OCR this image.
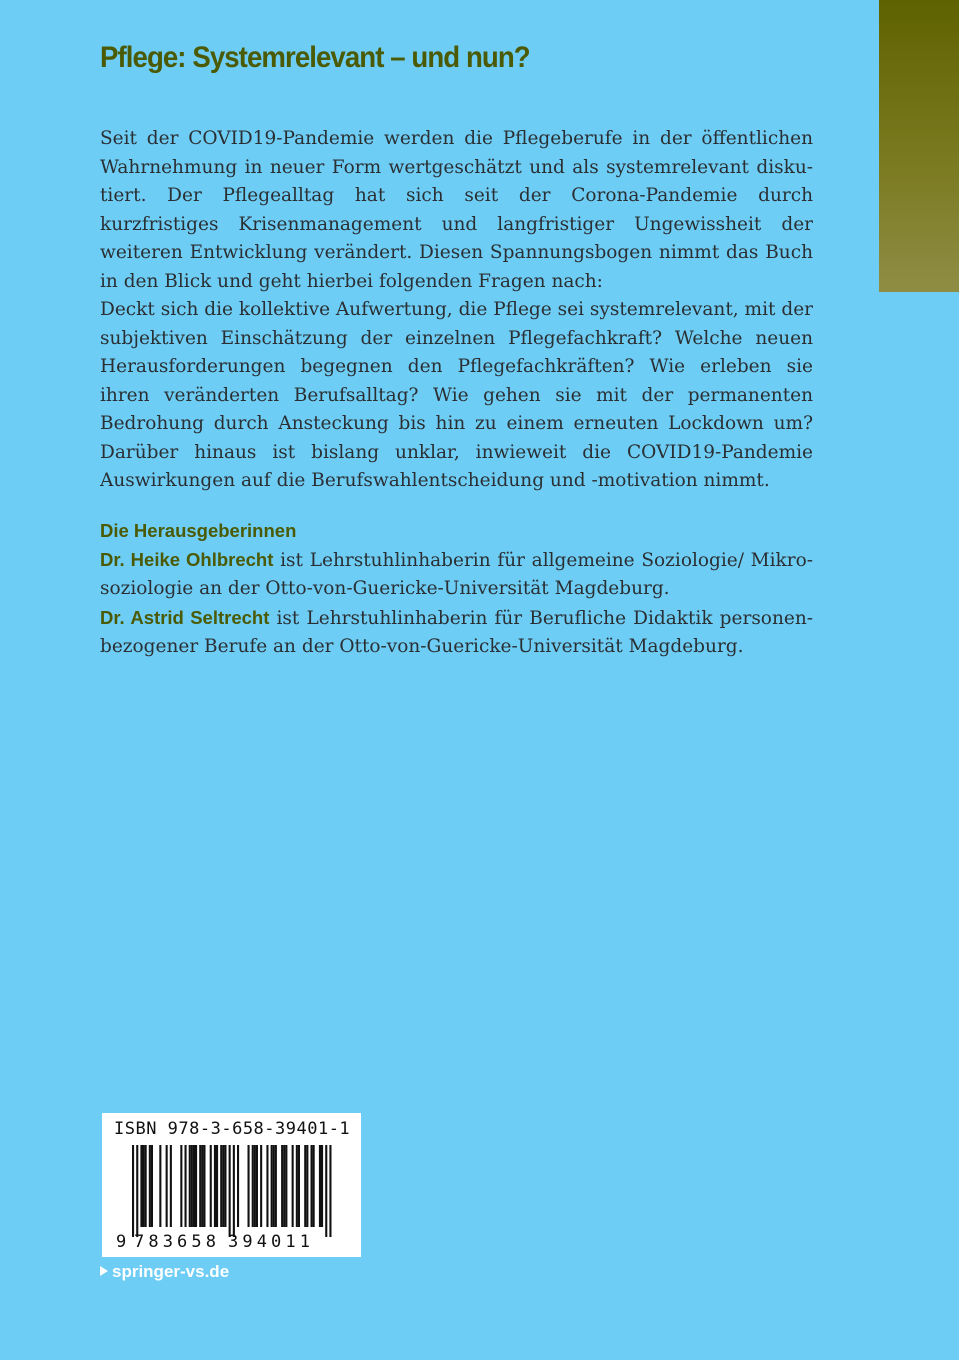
Pflege: Systemrelevant – und nun?

Seit der COVID19-Pandemie werden die Pflegeberufe in der öffentlichen Wahrnehmung in neuer Form wertgeschätzt und als systemrelevant diskutiert. Der Pflegealltag hat sich seit der Corona-Pandemie durch kurzfristiges Krisenmanagement und langfristiger Ungewissheit der weiteren Entwicklung verändert. Diesen Spannungsbogen nimmt das Buch in den Blick und geht hierbei folgenden Fragen nach:

Deckt sich die kollektive Aufwertung, die Pflege sei systemrelevant, mit der subjektiven Einschätzung der einzelnen Pflegefachkraft? Welche neuen Herausforderungen begegnen den Pflegefachkräften? Wie erleben sie ihren veränderten Berufsalltag? Wie gehen sie mit der permanenten Bedrohung durch Ansteckung bis hin zu einem erneuten Lockdown um? Darüber hinaus ist bislang unklar, inwieweit die COVID19-Pandemie Auswirkungen auf die Berufswahlentscheidung und -motivation nimmt.

Die Herausgeberinnen

Dr. Heike Ohlbrecht ist Lehrstuhlinhaberin für allgemeine Soziologie/ Mikrosoziologie an der Otto-von-Guericke-Universität Magdeburg.

Dr. Astrid Seltrecht ist Lehrstuhlinhaberin für Berufliche Didaktik personenbezogener Berufe an der Otto-von-Guericke-Universität Magdeburg.

ISBN 978-3-658-39401-1
9 783658 394011
springer-vs.de
